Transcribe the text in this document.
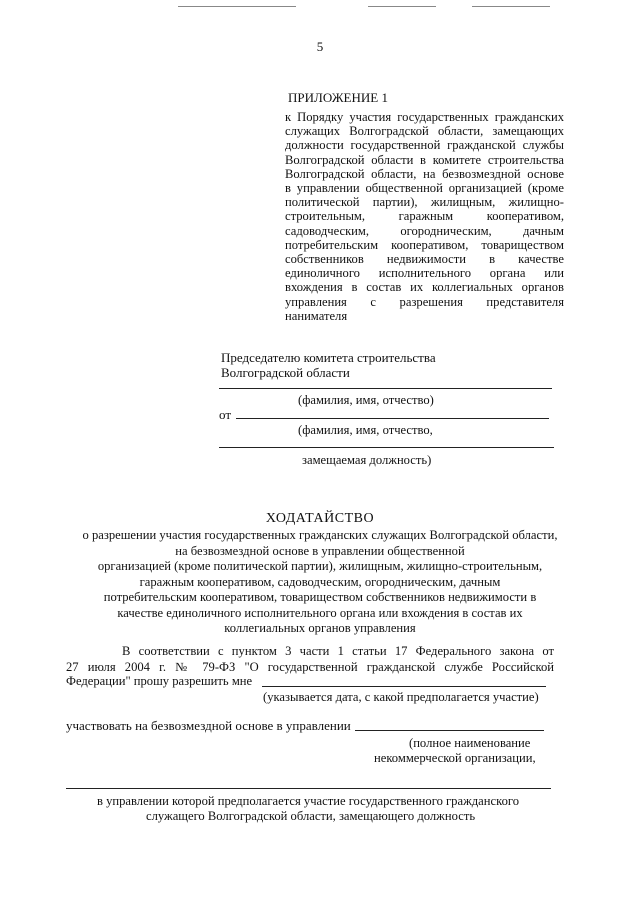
5
ПРИЛОЖЕНИЕ 1
к Порядку участия государственных гражданских
служащих Волгоградской области, замещающих
должности государственной гражданской службы
Волгоградской области в комитете строительства
Волгоградской области, на безвозмездной основе
в управлении общественной организацией (кроме
политической партии), жилищным, жилищно-
строительным, гаражным кооперативом,
садоводческим, огородническим, дачным
потребительским кооперативом, товариществом
собственников недвижимости в качестве
единоличного исполнительного органа или
вхождения в состав их коллегиальных органов
управления с разрешения представителя
нанимателя
Председателю комитета строительства
Волгоградской области
(фамилия, имя, отчество)
от
(фамилия, имя, отчество,
замещаемая должность)
ХОДАТАЙСТВО
о разрешении участия государственных гражданских служащих Волгоградской области,
на безвозмездной основе в управлении общественной
организацией (кроме политической партии), жилищным, жилищно-строительным,
гаражным кооперативом, садоводческим, огородническим, дачным
потребительским кооперативом, товариществом собственников недвижимости в
качестве единоличного исполнительного органа или вхождения в состав их
коллегиальных органов управления
В соответствии с пунктом 3 части 1 статьи 17 Федерального закона от
27 июля 2004 г. № 79-ФЗ "О государственной гражданской службе Российской
Федерации" прошу разрешить мне
(указывается дата, с какой предполагается участие)
участвовать на безвозмездной основе в управлении
(полное наименование
некоммерческой организации,
в управлении которой предполагается участие государственного гражданского
служащего Волгоградской области, замещающего должность
